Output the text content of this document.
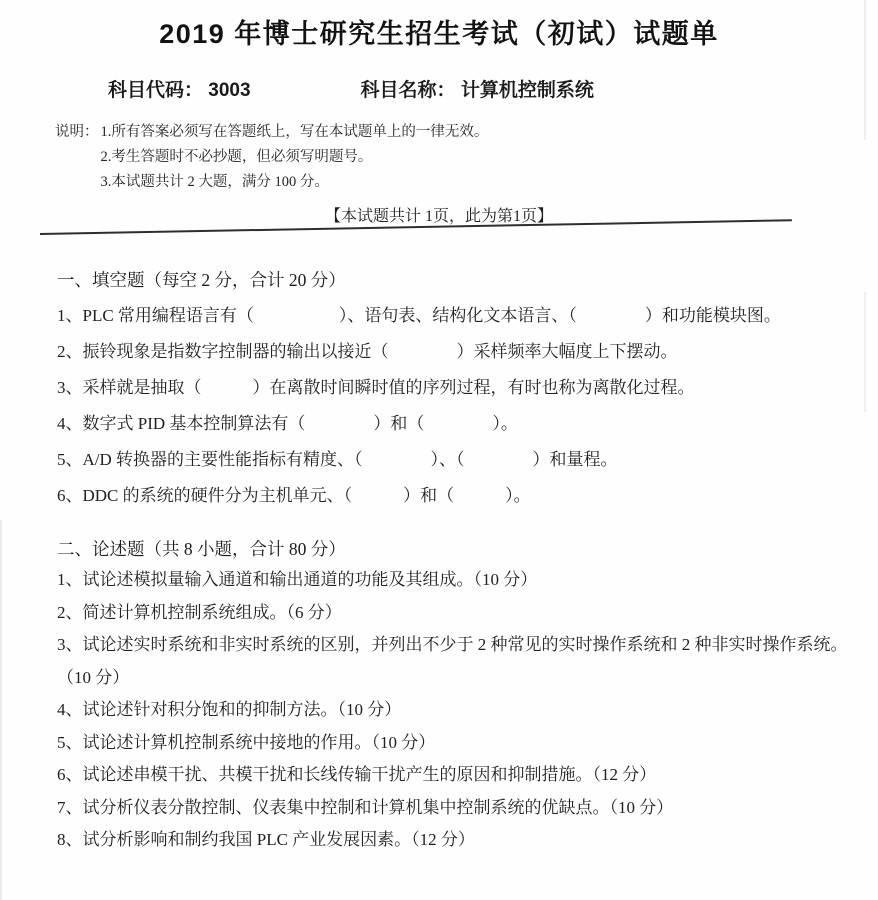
2019 年博士研究生招生考试（初试）试题单
科目代码： 3003	科目名称： 计算机控制系统
说明： 1.所有答案必须写在答题纸上，写在本试题单上的一律无效。
2.考生答题时不必抄题，但必须写明题号。
3.本试题共计 2 大题，满分 100 分。
【本试题共计 1页，此为第1页】
一、填空题（每空 2 分，合计 20 分）

1、PLC 常用编程语言有（　　　　　）、语句表、结构化文本语言、（　　　　）和功能模块图。

2、振铃现象是指数字控制器的输出以接近（　　　　）采样频率大幅度上下摆动。

3、采样就是抽取（　　　）在离散时间瞬时值的序列过程，有时也称为离散化过程。

4、数字式 PID 基本控制算法有（　　　　）和（　　　　）。

5、A/D 转换器的主要性能指标有精度、（　　　　）、（　　　　）和量程。

6、DDC 的系统的硬件分为主机单元、（　　　）和（　　　）。

二、论述题（共 8 小题，合计 80 分）

1、试论述模拟量输入通道和输出通道的功能及其组成。（10 分）

2、简述计算机控制系统组成。（6 分）

3、试论述实时系统和非实时系统的区别，并列出不少于 2 种常见的实时操作系统和 2 种非实时操作系统。（10 分）

4、试论述针对积分饱和的抑制方法。（10 分）

5、试论述计算机控制系统中接地的作用。（10 分）

6、试论述串模干扰、共模干扰和长线传输干扰产生的原因和抑制措施。（12 分）

7、试分析仪表分散控制、仪表集中控制和计算机集中控制系统的优缺点。（10 分）

8、试分析影响和制约我国 PLC 产业发展因素。（12 分）
